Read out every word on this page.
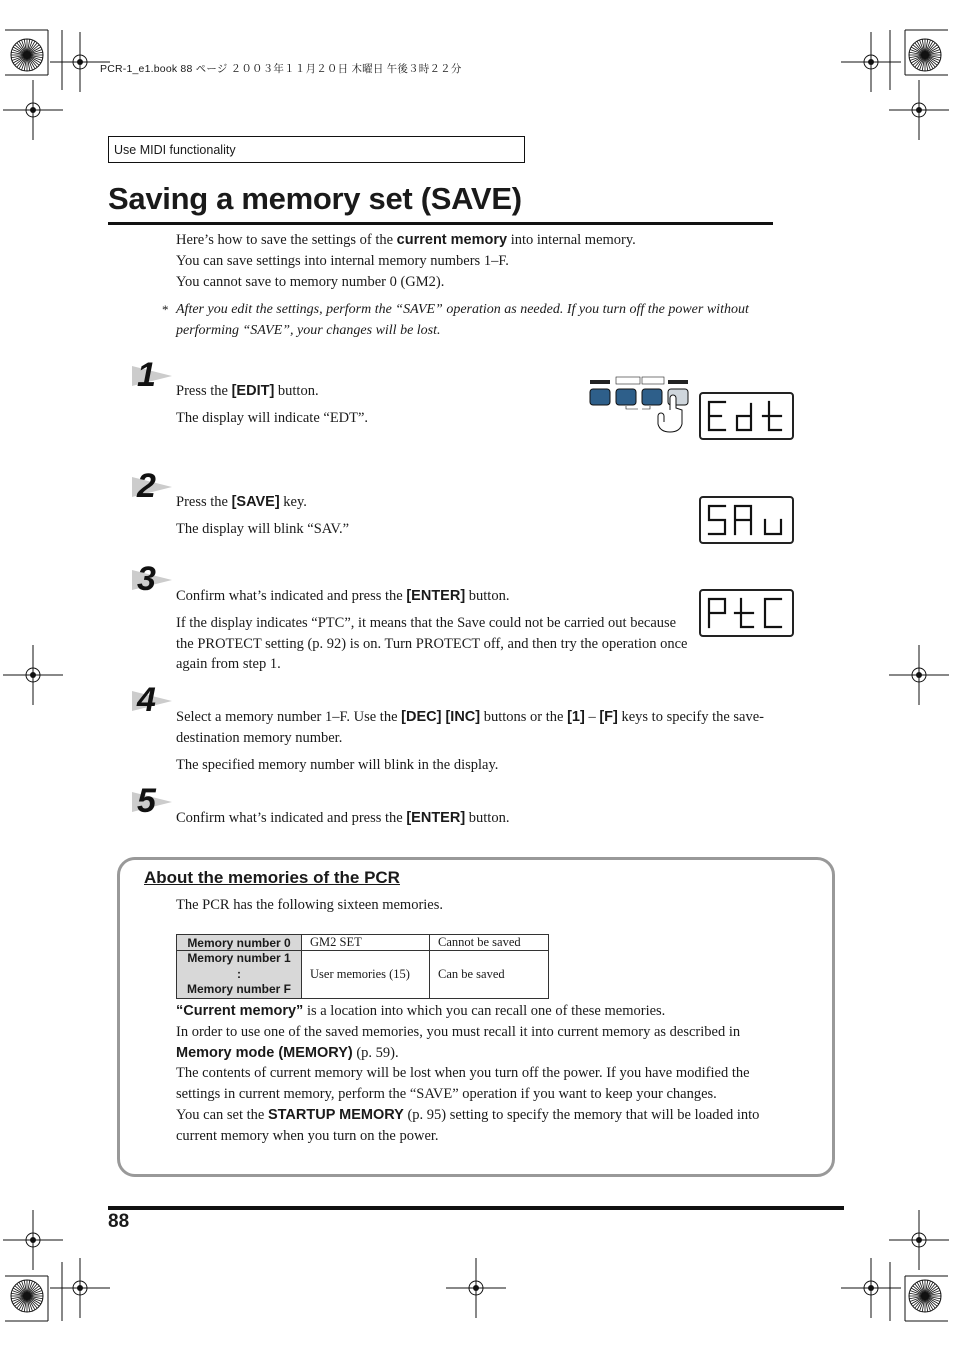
PCR-1_e1.book 88 ページ ２００３年１１月２０日 木曜日 午後３時２２分
Use MIDI functionality
Saving a memory set (SAVE)
Here’s how to save the settings of the current memory into internal memory.
You can save settings into internal memory numbers 1–F.
You cannot save to memory number 0 (GM2).
* After you edit the settings, perform the “SAVE” operation as needed. If you turn off the power without performing “SAVE”, your changes will be lost.
1	Press the [EDIT] button.
The display will indicate “EDT”.
2	Press the [SAVE] key.
The display will blink “SAV.”
3	Confirm what’s indicated and press the [ENTER] button.
If the display indicates “PTC”, it means that the Save could not be carried out because the PROTECT setting (p. 92) is on. Turn PROTECT off, and then try the operation once again from step 1.
4	Select a memory number 1–F. Use the [DEC] [INC] buttons or the [1] – [F] keys to specify the save-destination memory number.
The specified memory number will blink in the display.
5	Confirm what’s indicated and press the [ENTER] button.
About the memories of the PCR
The PCR has the following sixteen memories.
Memory number 0	GM2 SET	Cannot be saved

Memory number 1
:
Memory number F	User memories (15)	Can be saved
“Current memory” is a location into which you can recall one of these memories.
In order to use one of the saved memories, you must recall it into current memory as described in Memory mode (MEMORY) (p. 59).
The contents of current memory will be lost when you turn off the power. If you have modified the settings in current memory, perform the “SAVE” operation if you want to keep your changes.
You can set the STARTUP MEMORY (p. 95) setting to specify the memory that will be loaded into current memory when you turn on the power.
88
